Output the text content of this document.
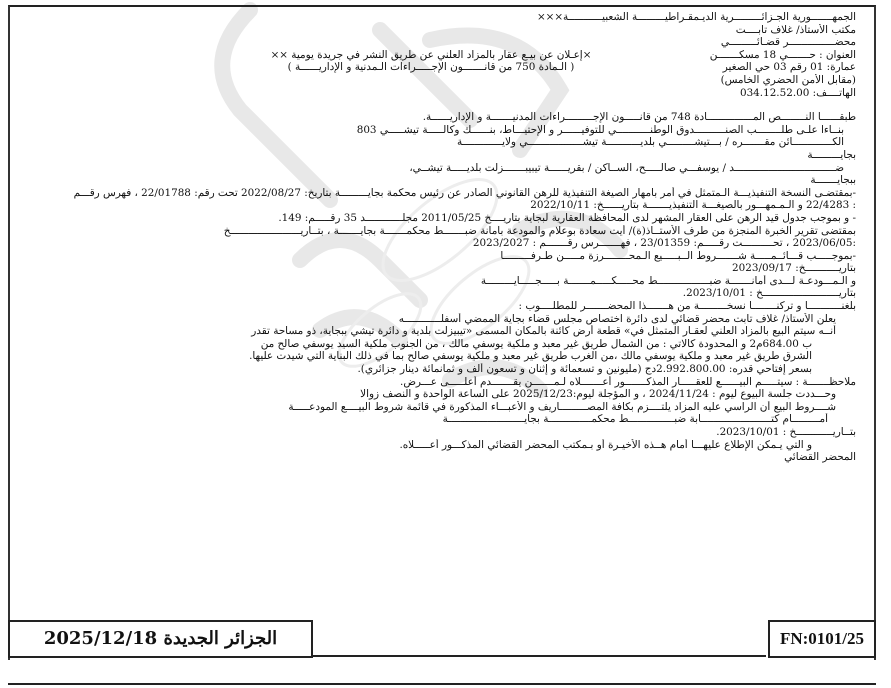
الجمهـــــــورية الجـزائـــــــــرية الديـمقـراطيـــــــــة الشعبيـــــــــــة×××
مكتب الأستاذ/ غلاف تابــــت
محضـــــــــــــــر قضـائـــــــــي
العنوان : حـــــــي 18 مسكـــــــن
عمارة: 01 رقم 03 حي الصغير
(مقابل الأمن الحضري الخامس)
الهاتــــف: 034.12.52.00
×إعـلان عن بيـع عقار بالمزاد العلني عن طريق النشر في جريدة يومية ××
( الـمادة 750 من قانـــــــون الإجـــــراءات الـمدنية و الإداريــــــة )
طبقــــــا النــــــــص المـــــــــــــــادة 748 من قانـــــون الإجـــــــــراءات المدنيـــــــة و الإداريــــــة.
بنــاءا علـى طلــــــــب الصنــــــــــدوق الوطنـــــــــــي للتوفيــــــر و الإحتيـــاط، بنــــــك وكالـــــة تيشـــــي 803
الكـــــــــــــائن مقـــــــره / بـــتيشـــــــــي بلديـــــــــــة تيشــــــــــــــــــي ولايـــــــــــــة
بجايـــــــــة
ضـــــــــــــــــــــــــــــــــد / يوسفـــي صالـــــح، الســاكن / بقريــــــة تيبيبـــــــزلت بلديـــــة تيشــي،
ببجايـــــــة
-بمقتضـى النسخة التنفيذيـــة الـمتمثل في أمر بامهار الصيغة التنفيذية للرهن القانوني الصادر عن رئيس محكمة بجايـــــــــة بتاريخ: 2022/08/27 تحت رقم: 22/01788 ، فهرس رقـــم
: 22/4283 و الـمـمهـــور بالصيغـــة التنفيذيـــــــة بتاريــــــخ: 2022/10/11
- و بموجب جدول قيد الرهن على العقار المشهر لدى المحافظة العقارية لبجاية بتاريــــخ 2011/05/25 مجلــــــــــــد 35 رقـــــم: 149.
بمقتضى تقرير الخبرة المنجزة من طرف الأستــاذ(ة)/ أيت سعادة بوعلام والمودعة بأمانة ضبـــــــط محكمـــــــة بجايـــــــة ، بتــاريـــــــــــــــــــــــخ
:2023/06/05 ، تحــــــــــت رقـــــم: 23/01359 ، فهـــــــرس رقـــــــم : 2023/2027
-بموجـــــب قـــائــمـــــة شـــــــروط الــبـــــيع الـمحــــــــرزة مـــــن طـرفـــــــــا
بتاريـــــــــــخ: 2023/09/17
و الـمـــودعـة لـــدى أمانـــــــة ضبـــــــــــــــــط محـــــكـــــمـــــــة بـــــجـــــايـــــــــة
بتاريـــــــــــــــــــــــــخ : 2023/10/01.
بلغنـــــــــــا و تركنــــــــا نسخـــــــــة من هـــــــذا المحضـــــــر للمطلــــوب :
يعلن الأستاذ/ غلاف تابت محضر قضائي لدى دائرة اختصاص مجلس قضاء بجاية الممضي أسفلــــــــــــه
أنــه سيتم البيع بالمزاد العلني لعقـار المتمثل في» قطعة أرض كائنة بالمكان المسمى «تيبيزلت بلدية و دائرة تيشي ببجاية، ذو مساحة تقدر
ب 684.00م2 و المحدودة كالاتي : من الشمال طريق غير معبد و ملكية يوسفي مالك ، من الجنوب ملكية السيد يوسفي صالح من
الشرق طريق غير معبد و ملكية يوسفي مالك ،من الغرب طريق غير معبد و ملكية يوسفي صالح بما في ذلك البناية التي شيدت عليها.
بسعر إفتاحي قدره: 2.992.800.00دج (مليونين و تسعمائة و إثنان و تسعون ألف و ثمانمائة دينار جزائري).
ملاحظـــــــة : سيتـــــم البيــــــع للعقـــــار المذكـــــــور أعـــــــلاه لـمـــــــن يقـــــــدم أعلـــــى عـــرض.
وحـــددت جلسة البيوع ليوم : 2024/11/24 ، و المؤجلة ليوم:2025/12/23 على الساعة الواحدة و النصف زوالا
شــــروط البيع أن الراسي عليه المزاد يلتــــزم بكافة المصـــــــــاريف و الأعبـــاء المذكورة في قائمة شروط البيــــع المودعـــــة
أمـــــــــام كتـــــــــــــــــــــــابة ضبـــــــــــــــط محكمــــــــــــــة بجايـــــــــــــــــــــــــة
بتــاريــــــــــــخ : 2023/10/01.
و التي يـمكن الإطلاع عليهـــا أمام هــذه الأخيـرة أو بـمكتب المحضر القضائي المذكـــور أعـــــلاه.
المحضر القضائي
الجزائر الجديدة 2025/12/18	FN:0101/25
